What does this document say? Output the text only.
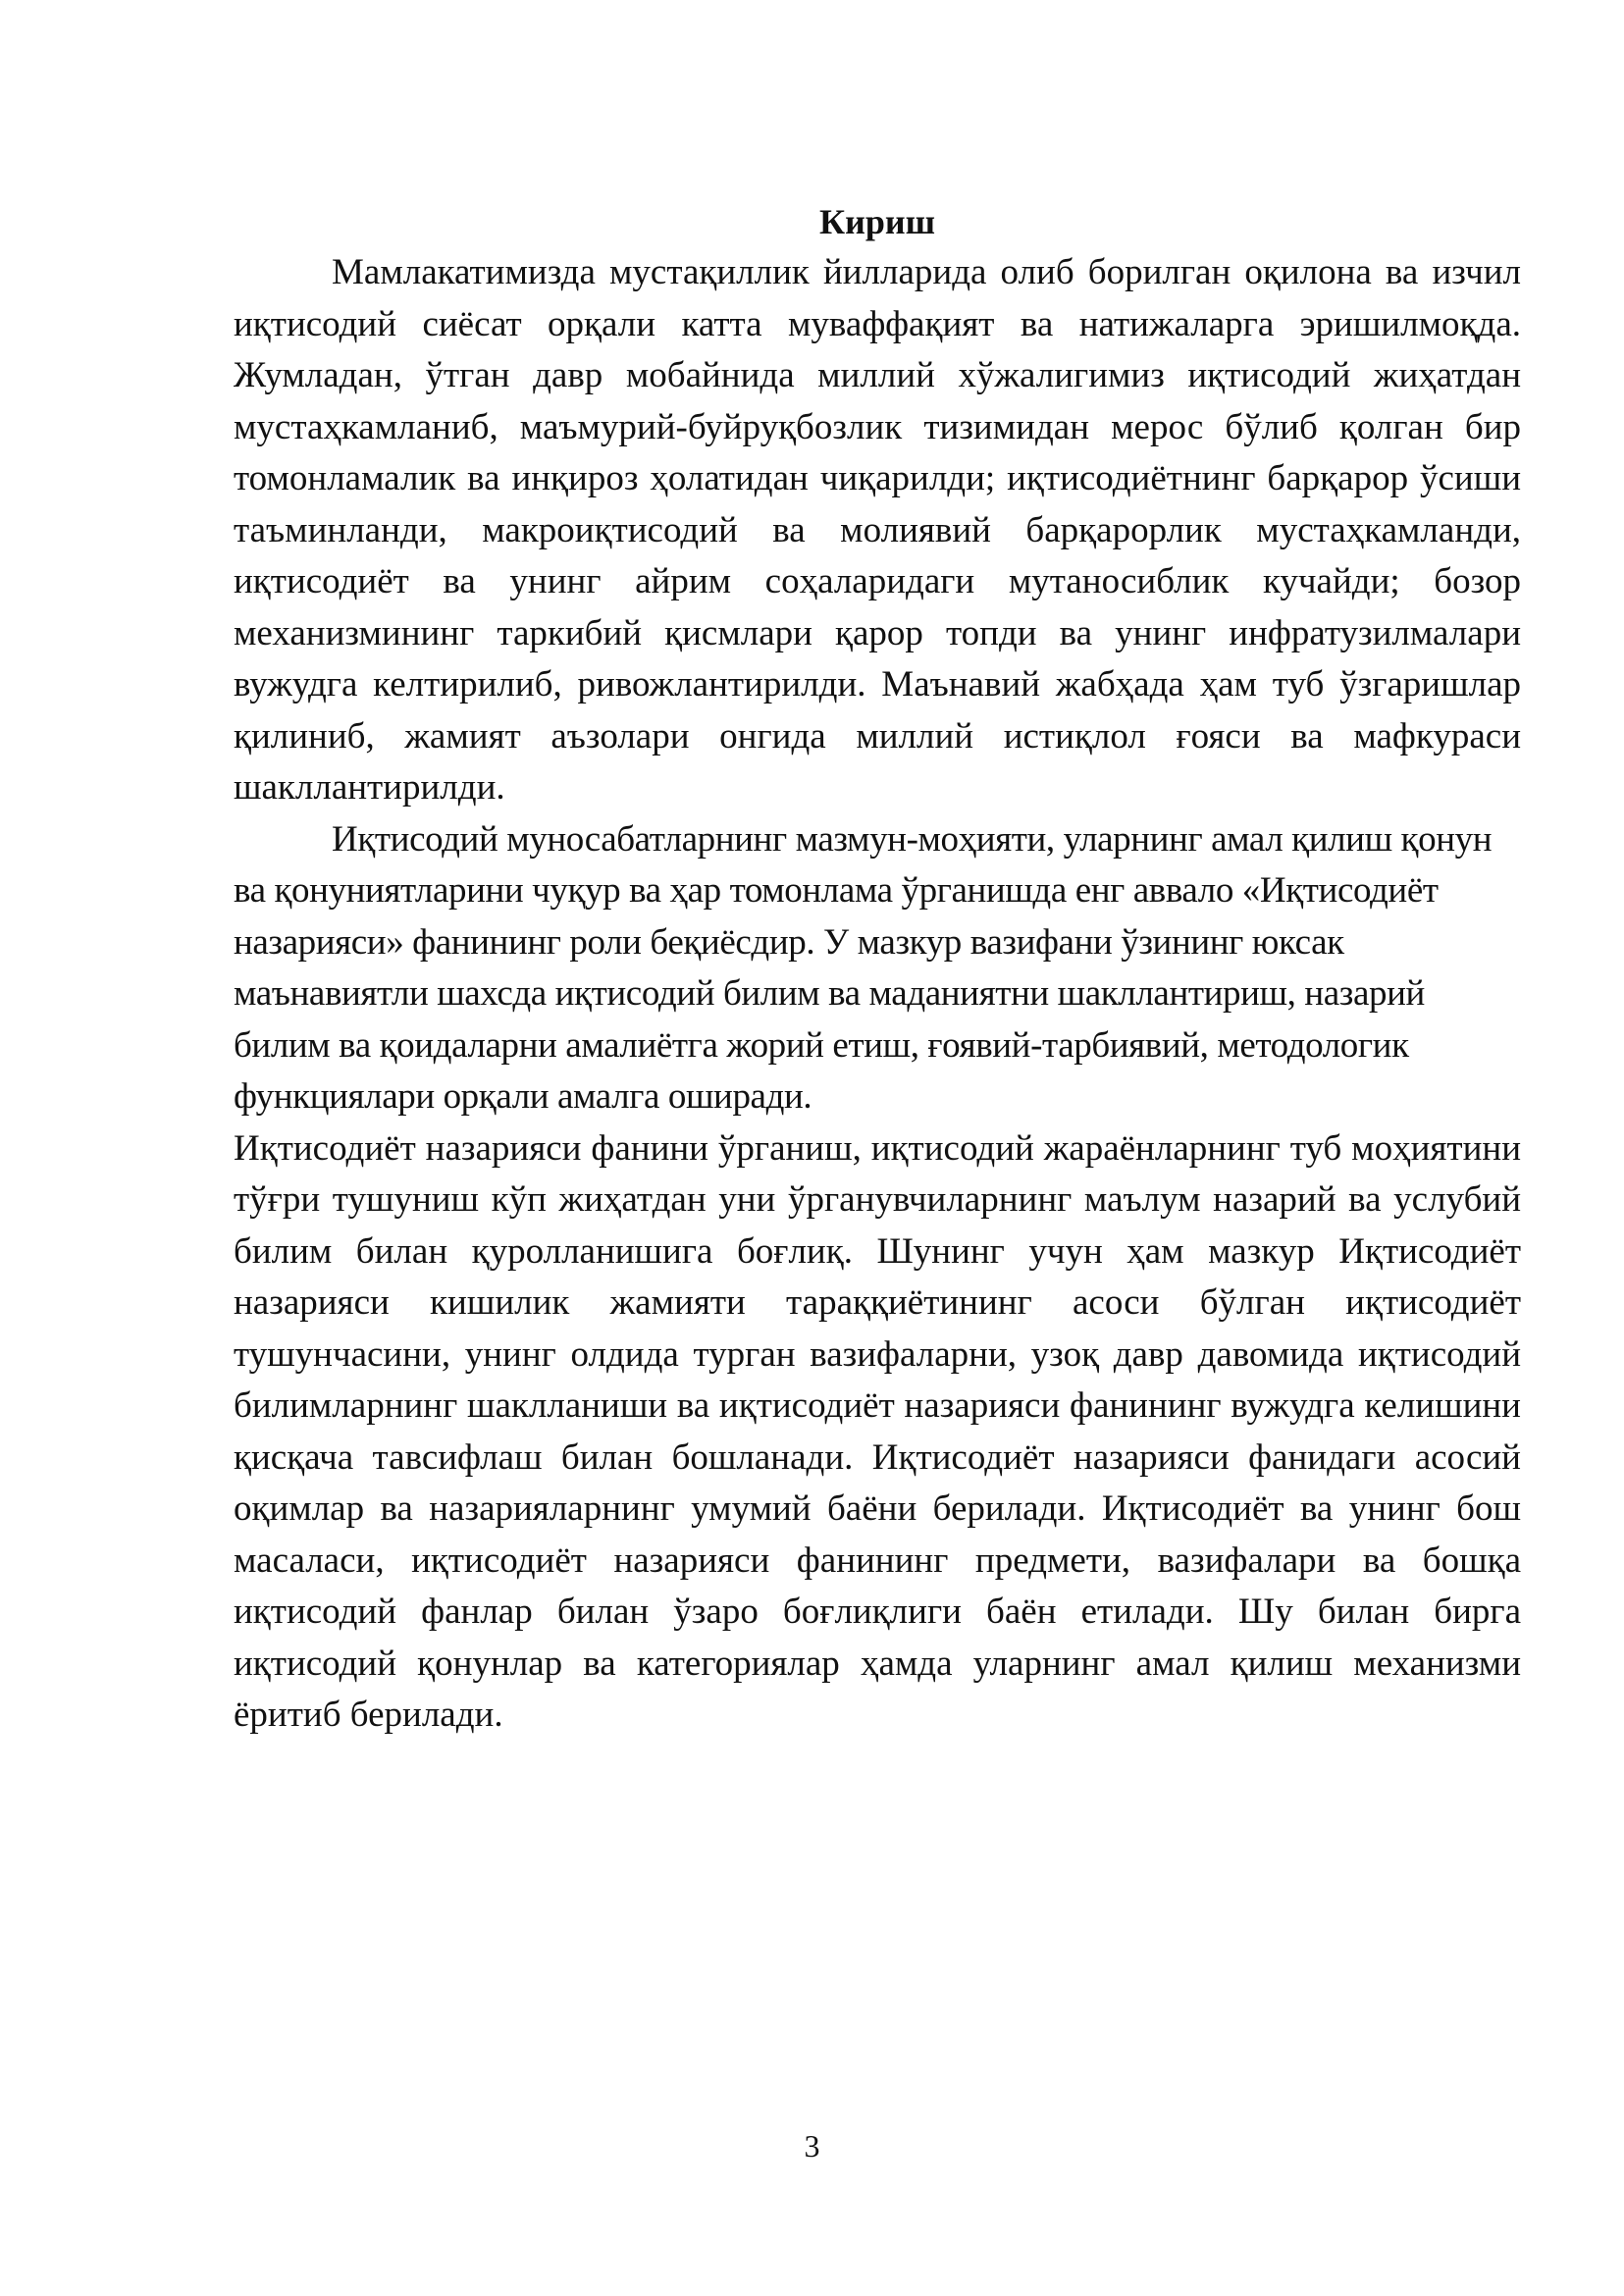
Кириш

Мамлакатимизда мустақиллик йилларида олиб борилган оқилона ва изчил иқтисодий сиёсат орқали катта муваффақият ва натижаларга эришилмоқда. Жумладан, ўтган давр мобайнида миллий хўжалигимиз иқтисодий жиҳатдан мустаҳкамланиб, маъмурий-буйруқбозлик тизимидан мерос бўлиб қолган бир томонламалик ва инқироз ҳолатидан чиқарилди; иқтисодиётнинг барқарор ўсиши таъминланди, макроиқтисодий ва молиявий барқарорлик мустаҳкамланди, иқтисодиёт ва унинг айрим соҳаларидаги мутаносиблик кучайди; бозор механизмининг таркибий қисмлари қарор топди ва унинг инфратузилмалари вужудга келтирилиб, ривожлантирилди. Маънавий жабҳада ҳам туб ўзгаришлар қилиниб, жамият аъзолари онгида миллий истиқлол ғояси ва мафкураси шакллантирилди.

Иқтисодий муносабатларнинг мазмун-моҳияти, уларнинг амал қилиш қонун ва қонуниятларини чуқур ва ҳар томонлама ўрганишда енг аввало «Иқтисодиёт назарияси» фанининг роли беқиёсдир. У мазкур вазифани ўзининг юксак маънавиятли шахсда иқтисодий билим ва маданиятни шакллантириш, назарий билим ва қоидаларни амалиётга жорий етиш, ғоявий-тарбиявий, методологик функциялари орқали амалга оширади.

Иқтисодиёт назарияси фанини ўрганиш, иқтисодий жараёнларнинг туб моҳиятини тўғри тушуниш кўп жиҳатдан уни ўрганувчиларнинг маълум назарий ва услубий билим билан қуролланишига боғлиқ. Шунинг учун ҳам мазкур Иқтисодиёт назарияси кишилик жамияти тараққиётининг асоси бўлган иқтисодиёт тушунчасини, унинг олдида турган вазифаларни, узоқ давр давомида иқтисодий билимларнинг шаклланиши ва иқтисодиёт назарияси фанининг вужудга келишини қисқача тавсифлаш билан бошланади. Иқтисодиёт назарияси фанидаги асосий оқимлар ва назарияларнинг умумий баёни берилади. Иқтисодиёт ва унинг бош масаласи, иқтисодиёт назарияси фанининг предмети, вазифалари ва бошқа иқтисодий фанлар билан ўзаро боғлиқлиги баён етилади. Шу билан бирга иқтисодий қонунлар ва категориялар ҳамда уларнинг амал қилиш механизми ёритиб берилади.

3
